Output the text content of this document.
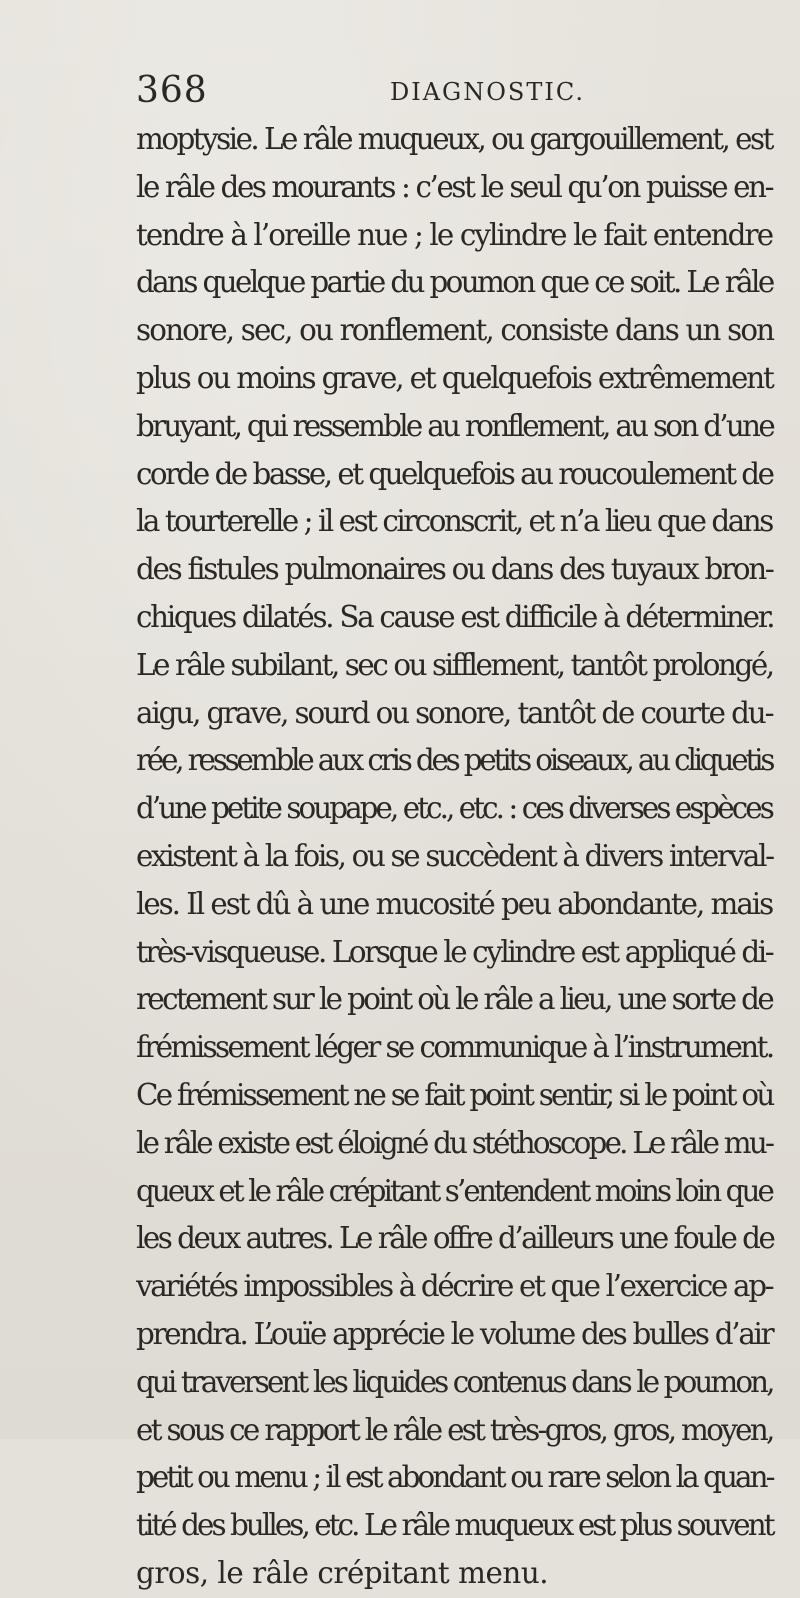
368	DIAGNOSTIC.
moptysie. Le râle muqueux, ou gargouillement, est
le râle des mourants : c’est le seul qu’on puisse en-
tendre à l’oreille nue ; le cylindre le fait entendre
dans quelque partie du poumon que ce soit. Le râle
sonore, sec, ou ronflement, consiste dans un son
plus ou moins grave, et quelquefois extrêmement
bruyant, qui ressemble au ronflement, au son d’une
corde de basse, et quelquefois au roucoulement de
la tourterelle ; il est circonscrit, et n’a lieu que dans
des fistules pulmonaires ou dans des tuyaux bron-
chiques dilatés. Sa cause est difficile à déterminer.
Le râle subilant, sec ou sifflement, tantôt prolongé,
aigu, grave, sourd ou sonore, tantôt de courte du-
rée, ressemble aux cris des petits oiseaux, au cliquetis
d’une petite soupape, etc., etc. : ces diverses espèces
existent à la fois, ou se succèdent à divers interval-
les. Il est dû à une mucosité peu abondante, mais
très-visqueuse. Lorsque le cylindre est appliqué di-
rectement sur le point où le râle a lieu, une sorte de
frémissement léger se communique à l’instrument.
Ce frémissement ne se fait point sentir, si le point où
le râle existe est éloigné du stéthoscope. Le râle mu-
queux et le râle crépitant s’entendent moins loin que
les deux autres. Le râle offre d’ailleurs une foule de
variétés impossibles à décrire et que l’exercice ap-
prendra. L’ouïe apprécie le volume des bulles d’air
qui traversent les liquides contenus dans le poumon,
et sous ce rapport le râle est très-gros, gros, moyen,
petit ou menu ; il est abondant ou rare selon la quan-
tité des bulles, etc. Le râle muqueux est plus souvent
gros, le râle crépitant menu.
